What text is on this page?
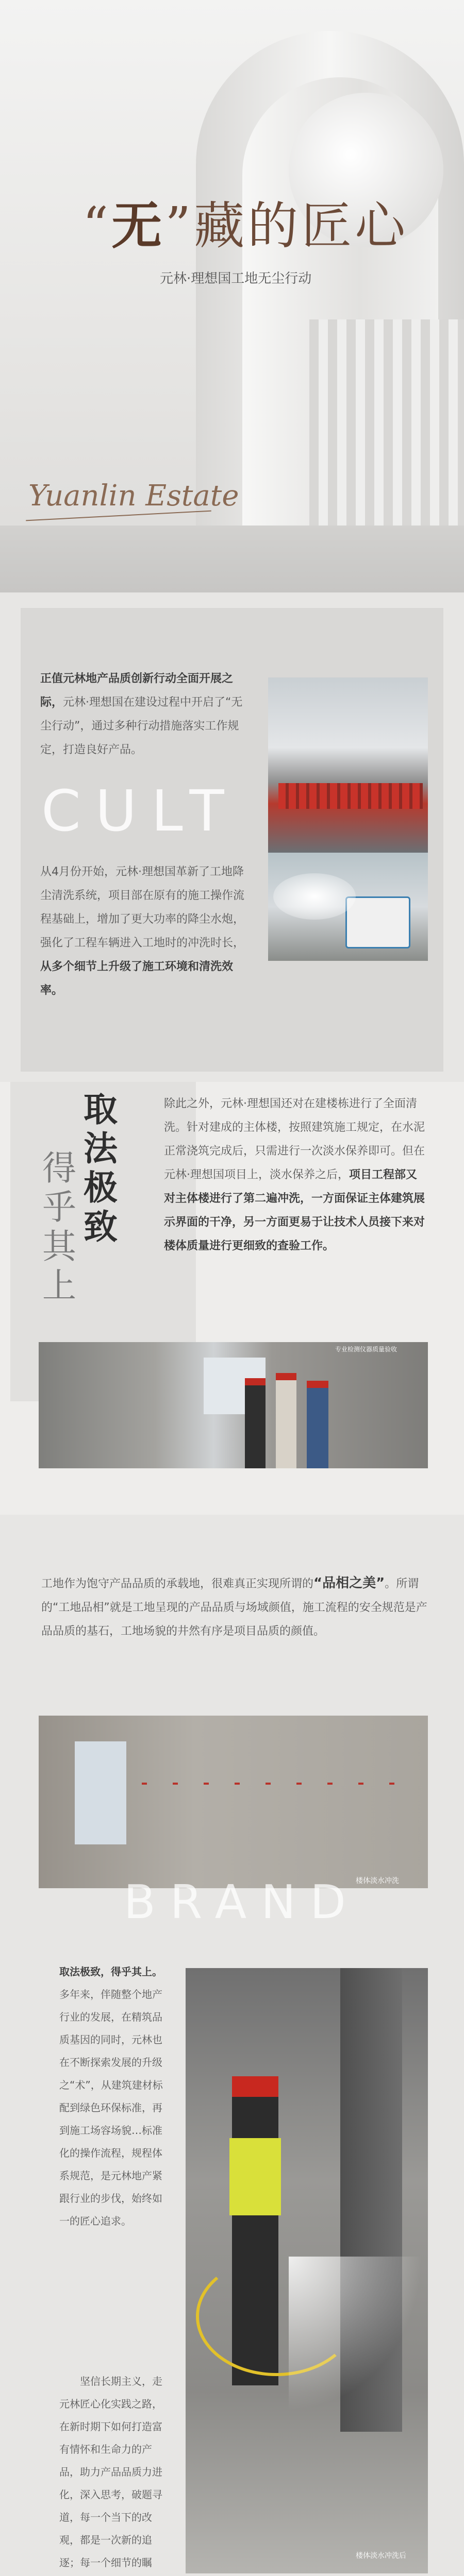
“无”藏的匠心
元林·理想国工地无尘行动
Yuanlin Estate
正值元林地产品质创新行动全面开展之际，元林·理想国在建设过程中开启了“无尘行动”，通过多种行动措施落实工作规定，打造良好产品。
CULT
从4月份开始，元林·理想国革新了工地降尘清洗系统，项目部在原有的施工操作流程基础上，增加了更大功率的降尘水炮，强化了工程车辆进入工地时的冲洗时长，从多个细节上升级了施工环境和清洗效率。
取法极致
得乎其上
除此之外，元林·理想国还对在建楼栋进行了全面清洗。针对建成的主体楼，按照建筑施工规定，在水泥正常浇筑完成后，只需进行一次淡水保养即可。但在元林·理想国项目上，淡水保养之后，项目工程部又对主体楼进行了第二遍冲洗，一方面保证主体建筑展示界面的干净，另一方面更易于让技术人员接下来对楼体质量进行更细致的查验工作。
专业检测仪器质量验收
工地作为饱守产品品质的承载地，很难真正实现所谓的“品相之美”。所谓的“工地品相”就是工地呈现的产品品质与场域颜值，施工流程的安全规范是产品品质的基石，工地场貌的井然有序是项目品质的颜值。
楼体淡水冲洗
BRAND
取法极致，得乎其上。多年来，伴随整个地产行业的发展，在精筑品质基因的同时，元林也在不断探索发展的升级之“术”，从建筑建材标配到绿色环保标准，再到施工场容场貌…标准化的操作流程，规程体系规范，是元林地产紧跟行业的步伐，始终如一的匠心追求。
坚信长期主义，走元林匠心化实践之路，在新时期下如何打造富有情怀和生命力的产品，助力产品品质力进化，深入思考，破题寻道，每一个当下的改观，都是一次新的追逐；每一个细节的瞩
楼体淡水冲洗后
